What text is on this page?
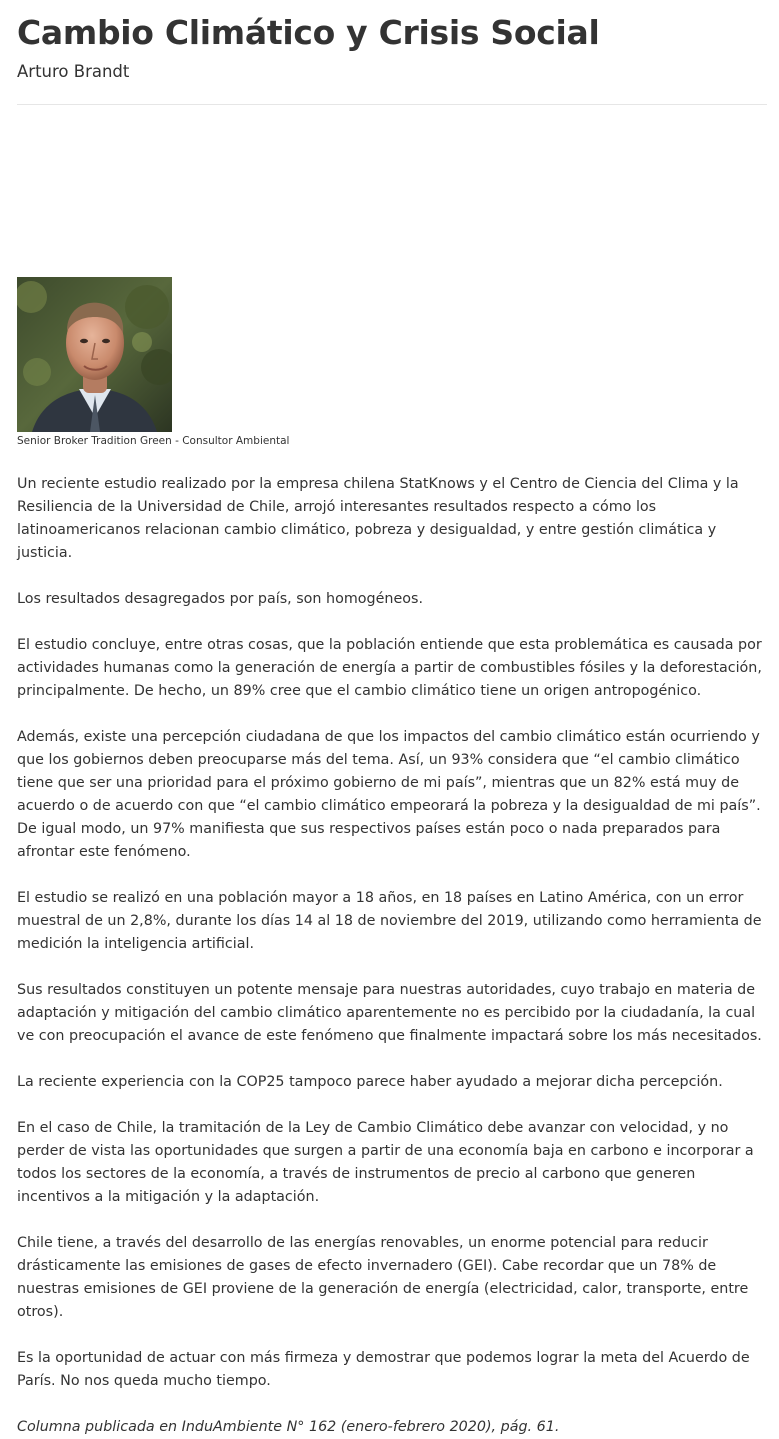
Cambio Climático y Crisis Social
Arturo Brandt
Senior Broker Tradition Green - Consultor Ambiental

Un reciente estudio realizado por la empresa chilena StatKnows y el Centro de Ciencia del Clima y la Resiliencia de la Universidad de Chile, arrojó interesantes resultados respecto a cómo los latinoamericanos relacionan cambio climático, pobreza y desigualdad, y entre gestión climática y justicia.

Los resultados desagregados por país, son homogéneos.

El estudio concluye, entre otras cosas, que la población entiende que esta problemática es causada por actividades humanas como la generación de energía a partir de combustibles fósiles y la deforestación, principalmente. De hecho, un 89% cree que el cambio climático tiene un origen antropogénico.

Además, existe una percepción ciudadana de que los impactos del cambio climático están ocurriendo y que los gobiernos deben preocuparse más del tema. Así, un 93% considera que “el cambio climático tiene que ser una prioridad para el próximo gobierno de mi país”, mientras que un 82% está muy de acuerdo o de acuerdo con que “el cambio climático empeorará la pobreza y la desigualdad de mi país”. De igual modo, un 97% manifiesta que sus respectivos países están poco o nada preparados para afrontar este fenómeno.

El estudio se realizó en una población mayor a 18 años, en 18 países en Latino América, con un error muestral de un 2,8%, durante los días 14 al 18 de noviembre del 2019, utilizando como herramienta de medición la inteligencia artificial.

Sus resultados constituyen un potente mensaje para nuestras autoridades, cuyo trabajo en materia de adaptación y mitigación del cambio climático aparentemente no es percibido por la ciudadanía, la cual ve con preocupación el avance de este fenómeno que finalmente impactará sobre los más necesitados.

La reciente experiencia con la COP25 tampoco parece haber ayudado a mejorar dicha percepción.

En el caso de Chile, la tramitación de la Ley de Cambio Climático debe avanzar con velocidad, y no perder de vista las oportunidades que surgen a partir de una economía baja en carbono e incorporar a todos los sectores de la economía, a través de instrumentos de precio al carbono que generen incentivos a la mitigación y la adaptación.

Chile tiene, a través del desarrollo de las energías renovables, un enorme potencial para reducir drásticamente las emisiones de gases de efecto invernadero (GEI). Cabe recordar que un 78% de nuestras emisiones de GEI proviene de la generación de energía (electricidad, calor, transporte, entre otros).

Es la oportunidad de actuar con más firmeza y demostrar que podemos lograr la meta del Acuerdo de París. No nos queda mucho tiempo.

Columna publicada en InduAmbiente N° 162 (enero-febrero 2020), pág. 61.
